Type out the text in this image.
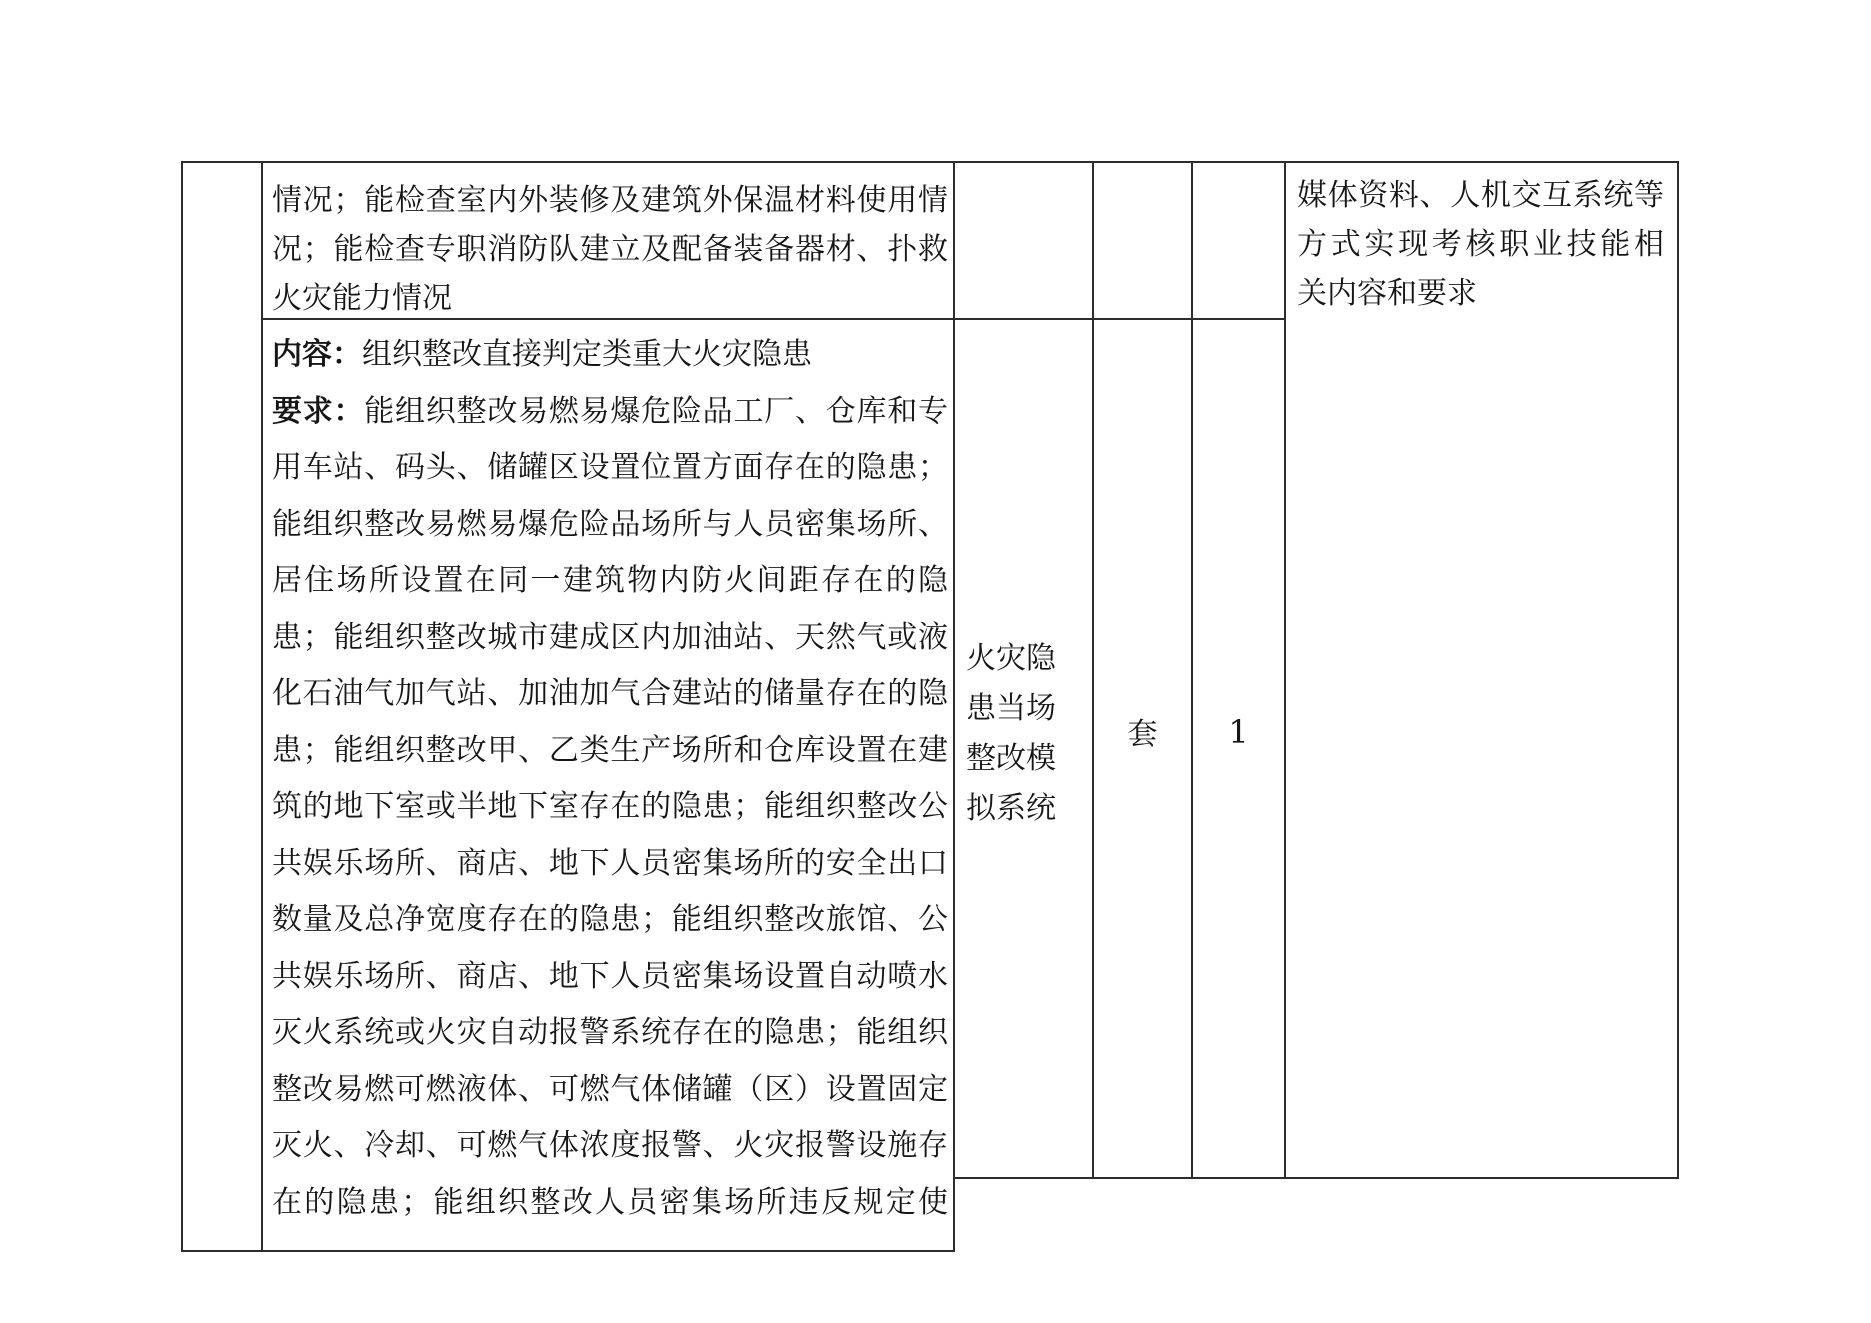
情况；能检查室内外装修及建筑外保温材料使用情
况；能检查专职消防队建立及配备装备器材、扑救
火灾能力情况
内容：组织整改直接判定类重大火灾隐患
要求：能组织整改易燃易爆危险品工厂、仓库和专
用车站、码头、储罐区设置位置方面存在的隐患；
能组织整改易燃易爆危险品场所与人员密集场所、
居住场所设置在同一建筑物内防火间距存在的隐
患；能组织整改城市建成区内加油站、天然气或液
化石油气加气站、加油加气合建站的储量存在的隐
患；能组织整改甲、乙类生产场所和仓库设置在建
筑的地下室或半地下室存在的隐患；能组织整改公
共娱乐场所、商店、地下人员密集场所的安全出口
数量及总净宽度存在的隐患；能组织整改旅馆、公
共娱乐场所、商店、地下人员密集场设置自动喷水
灭火系统或火灾自动报警系统存在的隐患；能组织
整改易燃可燃液体、可燃气体储罐（区）设置固定
灭火、冷却、可燃气体浓度报警、火灾报警设施存
在的隐患；能组织整改人员密集场所违反规定使
火灾隐
患当场
整改模
拟系统
套	1
媒体资料、人机交互系统等
方式实现考核职业技能相
关内容和要求
